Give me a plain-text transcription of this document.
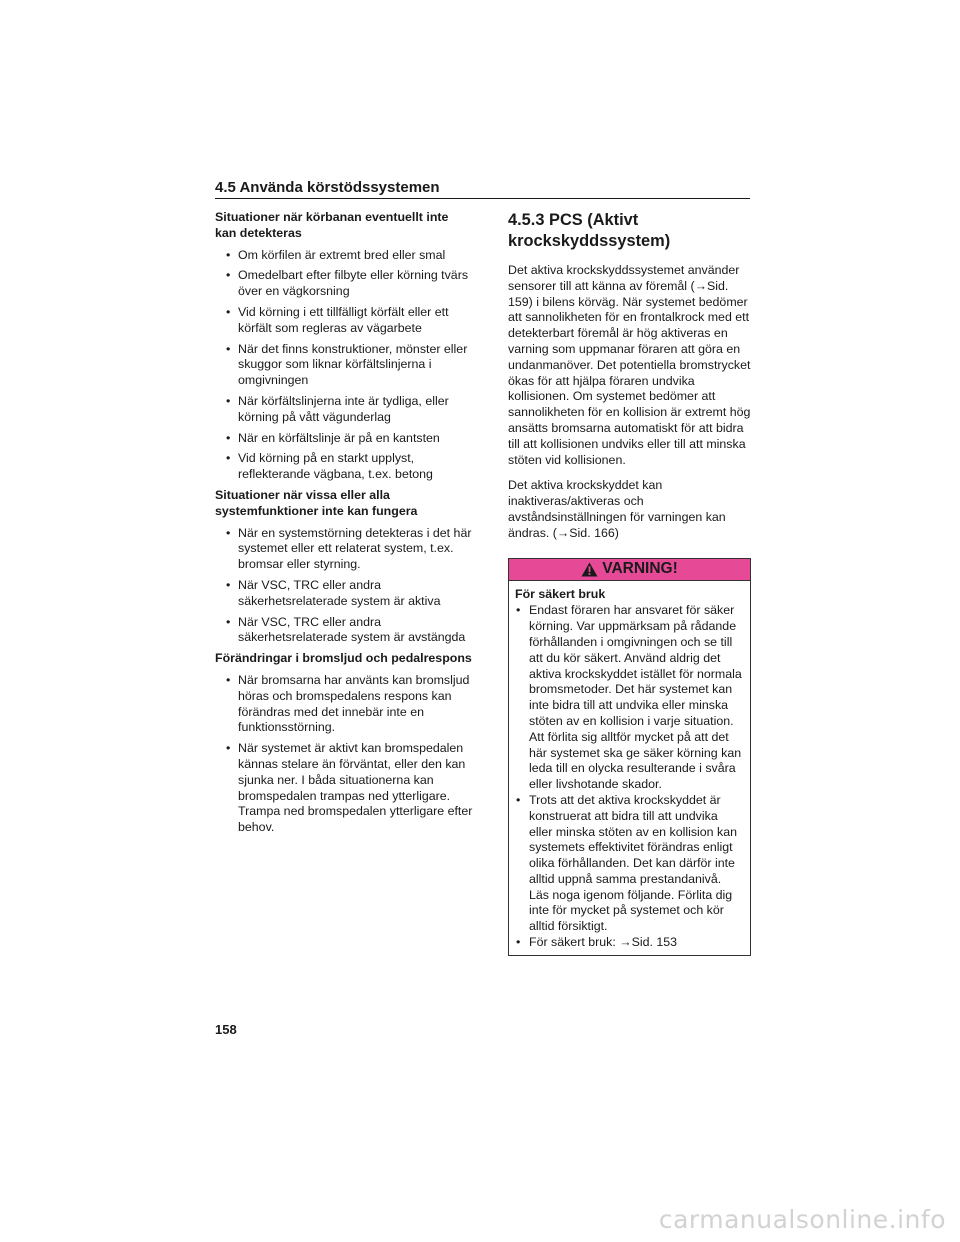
4.5 Använda körstödssystemen
Situationer när körbanan eventuellt inte kan detekteras
• Om körfilen är extremt bred eller smal
• Omedelbart efter filbyte eller körning tvärs över en vägkorsning
• Vid körning i ett tillfälligt körfält eller ett körfält som regleras av vägarbete
• När det finns konstruktioner, mönster eller skuggor som liknar körfältslinjerna i omgivningen
• När körfältslinjerna inte är tydliga, eller körning på vått vägunderlag
• När en körfältslinje är på en kantsten
• Vid körning på en starkt upplyst, reflekterande vägbana, t.ex. betong
Situationer när vissa eller alla systemfunktioner inte kan fungera
• När en systemstörning detekteras i det här systemet eller ett relaterat system, t.ex. bromsar eller styrning.
• När VSC, TRC eller andra säkerhetsrelaterade system är aktiva
• När VSC, TRC eller andra säkerhetsrelaterade system är avstängda
Förändringar i bromsljud och pedalrespons
• När bromsarna har använts kan bromsljud höras och bromspedalens respons kan förändras med det innebär inte en funktionsstörning.
• När systemet är aktivt kan bromspedalen kännas stelare än förväntat, eller den kan sjunka ner. I båda situationerna kan bromspedalen trampas ned ytterligare. Trampa ned bromspedalen ytterligare efter behov.
4.5.3 PCS (Aktivt krockskyddssystem)

Det aktiva krockskyddssystemet använder sensorer till att känna av föremål (→Sid. 159) i bilens körväg. När systemet bedömer att sannolikheten för en frontalkrock med ett detekterbart föremål är hög aktiveras en varning som uppmanar föraren att göra en undanmanöver. Det potentiella bromstrycket ökas för att hjälpa föraren undvika kollisionen. Om systemet bedömer att sannolikheten för en kollision är extremt hög ansätts bromsarna automatiskt för att bidra till att kollisionen undviks eller till att minska stöten vid kollisionen.

Det aktiva krockskyddet kan inaktiveras/aktiveras och avståndsinställningen för varningen kan ändras. (→Sid. 166)

VARNING!
För säkert bruk
• Endast föraren har ansvaret för säker körning. Var uppmärksam på rådande förhållanden i omgivningen och se till att du kör säkert. Använd aldrig det aktiva krockskyddet istället för normala bromsmetoder. Det här systemet kan inte bidra till att undvika eller minska stöten av en kollision i varje situation. Att förlita sig alltför mycket på att det här systemet ska ge säker körning kan leda till en olycka resulterande i svåra eller livshotande skador.
• Trots att det aktiva krockskyddet är konstruerat att bidra till att undvika eller minska stöten av en kollision kan systemets effektivitet förändras enligt olika förhållanden. Det kan därför inte alltid uppnå samma prestandanivå. Läs noga igenom följande. Förlita dig inte för mycket på systemet och kör alltid försiktigt.
• För säkert bruk: →Sid. 153
158
carmanualsonline.info
